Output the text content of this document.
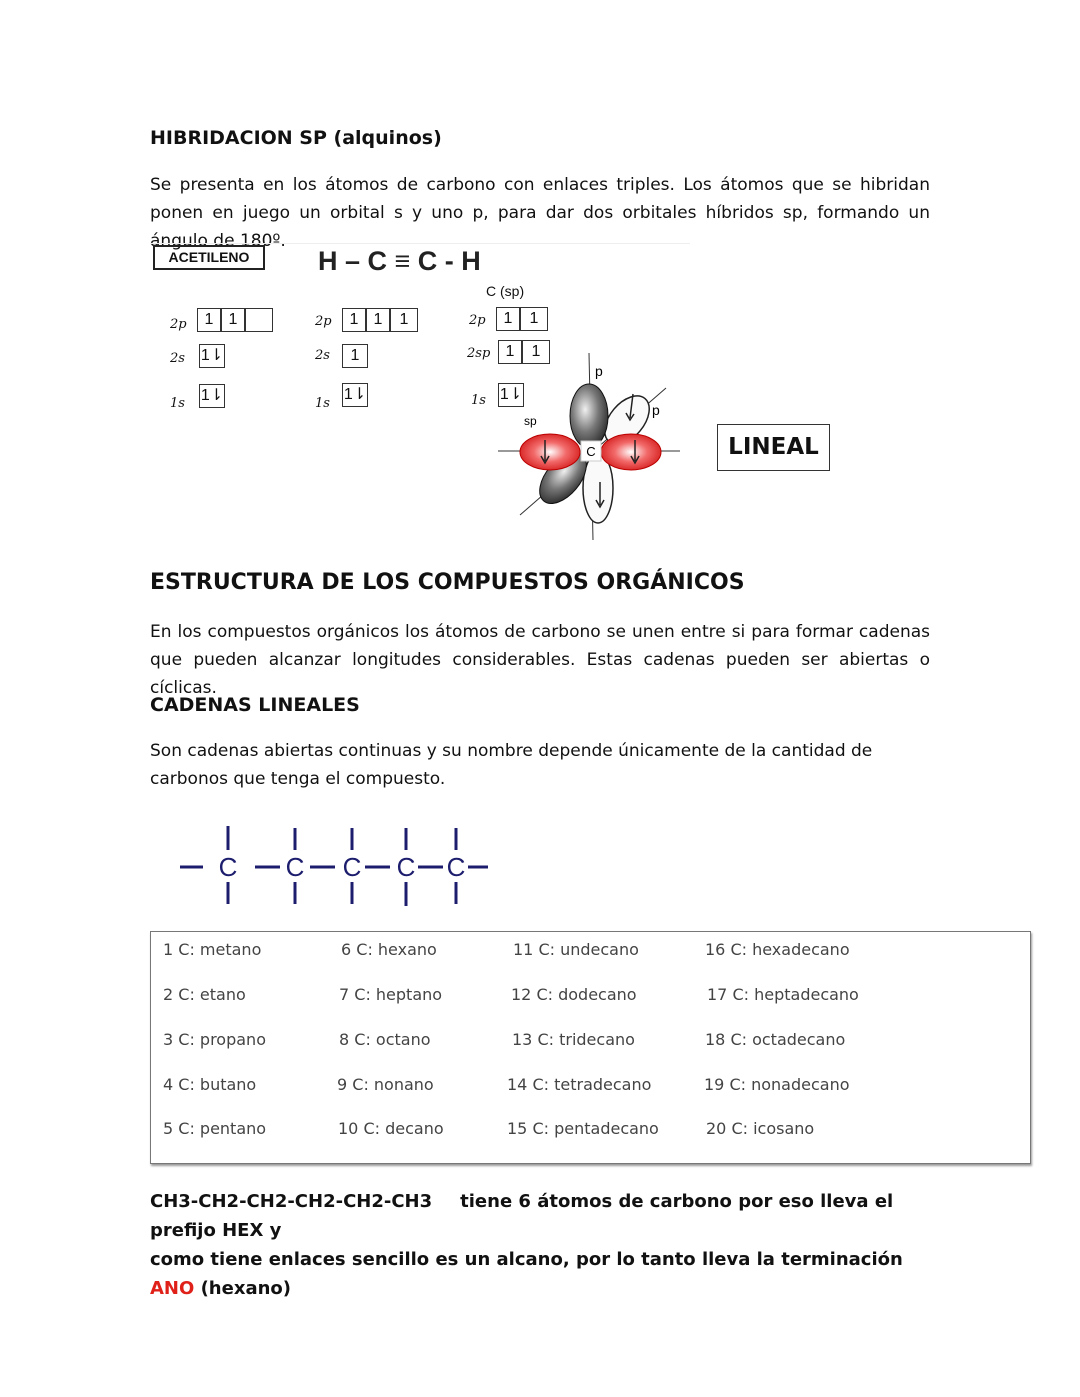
HIBRIDACION SP (alquinos)
Se presenta en los átomos de carbono con enlaces triples. Los átomos que se hibridan ponen en juego un orbital s y uno p, para dar dos orbitales híbridos sp, formando un ángulo de 180º.
ACETILENO	H – C ≡ C - H
C (sp)
2p
2s
1s
1 1
1⇂
1⇂
2p
2s
1s
1 1	1
1
1⇂
2p
2sp
1s
1	1
1	1
1⇂
C
p
p
sp
LINEAL
ESTRUCTURA DE LOS COMPUESTOS ORGÁNICOS
En los compuestos orgánicos los átomos de carbono se unen entre si para formar cadenas que pueden alcanzar longitudes considerables. Estas cadenas pueden ser abiertas o cíclicas.
CADENAS LINEALES
Son cadenas abiertas continuas y su nombre depende únicamente de la cantidad de carbonos que tenga el compuesto.
C C C C C
1 C: metano	6 C: hexano	11 C: undecano	16 C: hexadecano
2 C: etano	7 C: heptano	12 C: dodecano	17 C: heptadecano
3 C: propano	8 C: octano	13 C: tridecano	18 C: octadecano
4 C: butano	9 C: nonano	14 C: tetradecano	19 C: nonadecano
5 C: pentano	10 C: decano	15 C: pentadecano	20 C: icosano
CH3-CH2-CH2-CH2-CH2-CH3 tiene 6 átomos de carbono por eso lleva el prefijo HEX y
como tiene enlaces sencillo es un alcano, por lo tanto lleva la terminación ANO (hexano)
